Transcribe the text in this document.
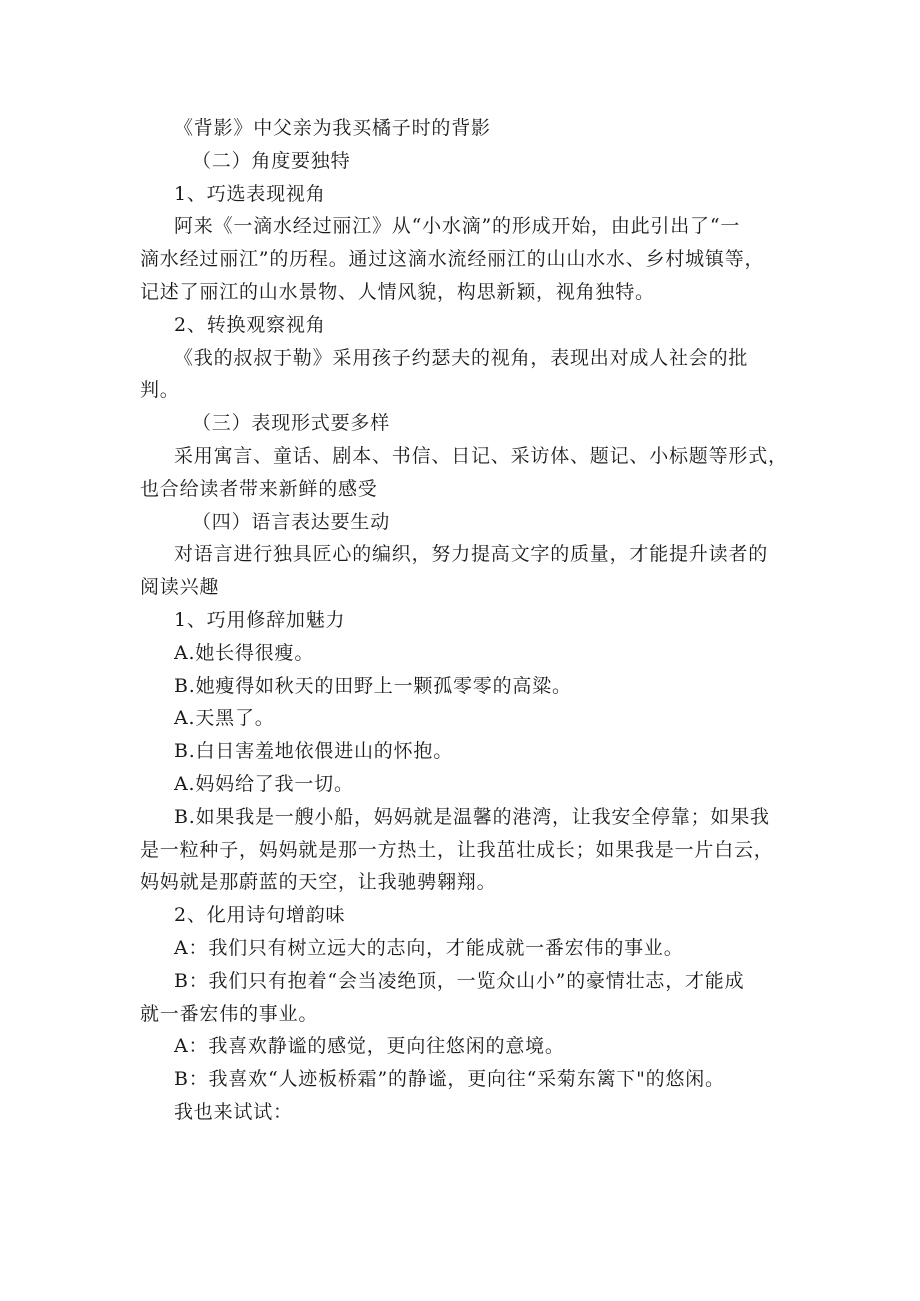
《背影》中父亲为我买橘子时的背影
（二）角度要独特
1、巧选表现视角
阿来《一滴水经过丽江》从“小水滴”的形成开始，由此引出了“一
滴水经过丽江”的历程。通过这滴水流经丽江的山山水水、乡村城镇等，
记述了丽江的山水景物、人情风貌，构思新颖，视角独特。
2、转换观察视角
《我的叔叔于勒》采用孩子约瑟夫的视角，表现出对成人社会的批
判。
（三）表现形式要多样
采用寓言、童话、剧本、书信、日记、采访体、题记、小标题等形式，
也合给读者带来新鲜的感受
（四）语言表达要生动
对语言进行独具匠心的编织，努力提高文字的质量，才能提升读者的
阅读兴趣
1、巧用修辞加魅力
A.她长得很瘦。
B.她瘦得如秋天的田野上一颗孤零零的高粱。
A.天黑了。
B.白日害羞地依偎进山的怀抱。
A.妈妈给了我一切。
B.如果我是一艘小船，妈妈就是温馨的港湾，让我安全停靠；如果我
是一粒种子，妈妈就是那一方热土，让我茁壮成长；如果我是一片白云，
妈妈就是那蔚蓝的天空，让我驰骋翱翔。
2、化用诗句增韵味
A：我们只有树立远大的志向，才能成就一番宏伟的事业。
B：我们只有抱着“会当凌绝顶，一览众山小”的豪情壮志，才能成
就一番宏伟的事业。
A：我喜欢静谧的感觉，更向往悠闲的意境。
B：我喜欢“人迹板桥霜”的静谧，更向往“采菊东篱下"的悠闲。
我也来试试：
